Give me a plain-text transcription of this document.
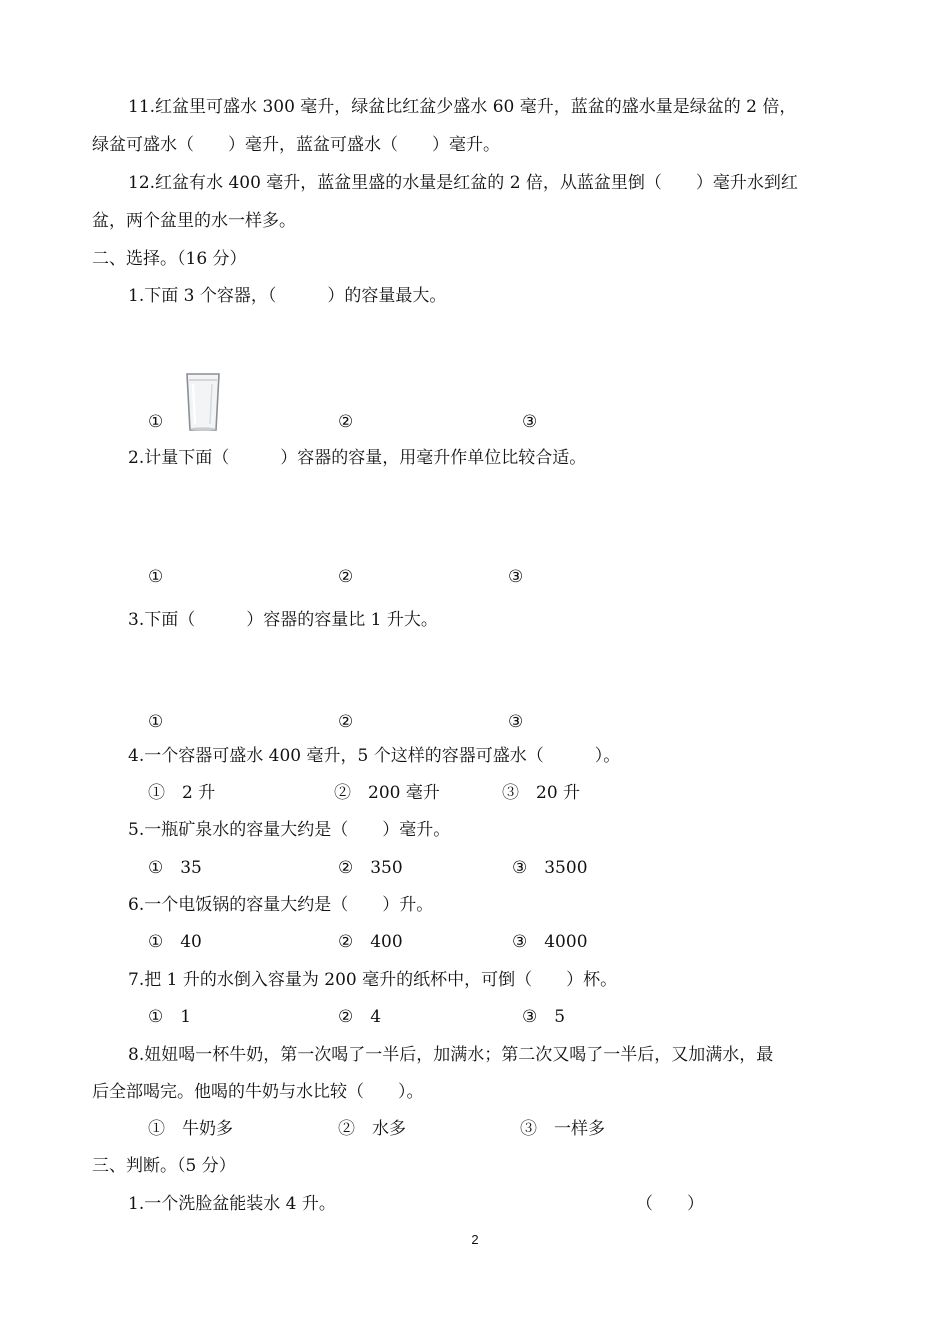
11.红盆里可盛水 300 毫升，绿盆比红盆少盛水 60 毫升，蓝盆的盛水量是绿盆的 2 倍，
绿盆可盛水（　　）毫升，蓝盆可盛水（　　）毫升。
12.红盆有水 400 毫升，蓝盆里盛的水量是红盆的 2 倍，从蓝盆里倒（　　）毫升水到红
盆，两个盆里的水一样多。
二、选择。（16 分）
1.下面 3 个容器，（　　　）的容量最大。
①	②	③
2.计量下面（　　　）容器的容量，用毫升作单位比较合适。
①	②	③
3.下面（　　　）容器的容量比 1 升大。
①	②	③
4.一个容器可盛水 400 毫升，5 个这样的容器可盛水（　　　）。
①　2 升	②　200 毫升	③　20 升
5.一瓶矿泉水的容量大约是（　　）毫升。
①　35	②　350	③　3500
6.一个电饭锅的容量大约是（　　）升。
①　40	②　400	③　4000
7.把 1 升的水倒入容量为 200 毫升的纸杯中，可倒（　　）杯。
①　1	②　4	③　5
8.妞妞喝一杯牛奶，第一次喝了一半后，加满水；第二次又喝了一半后，又加满水，最
后全部喝完。他喝的牛奶与水比较（　　）。
①　牛奶多	②　水多	③　一样多
三、判断。（5 分）
1.一个洗脸盆能装水 4 升。	（　　）
2
